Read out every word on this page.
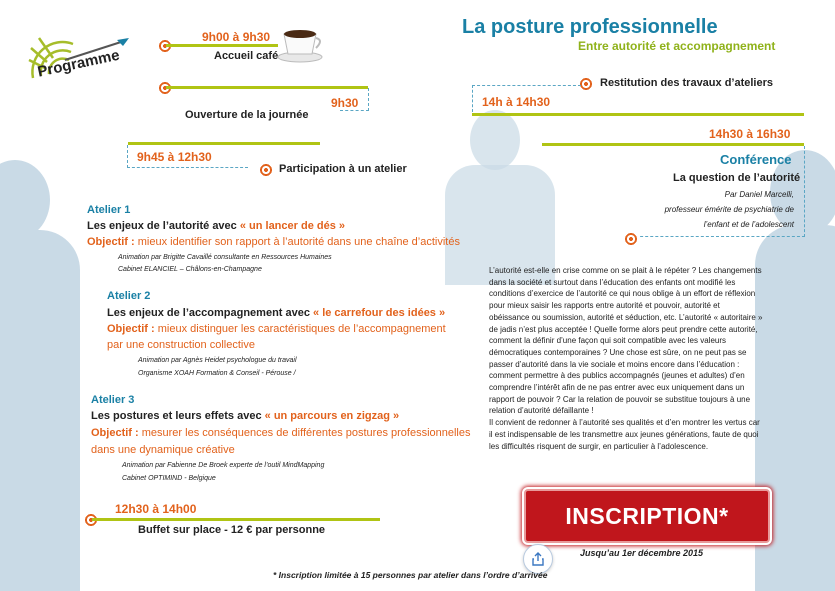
Programme
La posture professionnelle
Entre autorité et accompagnement
9h00 à 9h30
Accueil café
9h30
Ouverture de la journée
9h45 à 12h30
Participation à un atelier
Atelier 1
Les enjeux de l’autorité avec « un lancer de dés »
Objectif : mieux identifier son rapport à l’autorité dans une chaîne d’activités
Animation par Brigitte Cavaillé consultante en Ressources Humaines
Cabinet ELANCIEL – Châlons-en-Champagne
Atelier 2
Les enjeux de l’accompagnement avec « le carrefour des idées »
Objectif : mieux distinguer les caractéristiques de l’accompagnement
par une construction collective
Animation par Agnès Heidet psychologue du travail
Organisme XOAH Formation & Conseil - Pérouse /
Atelier 3
Les postures et leurs effets avec « un parcours en zigzag »
Objectif : mesurer les conséquences de différentes postures professionnelles
dans une dynamique créative
Animation par Fabienne De Broek experte de l’outil MindMapping
Cabinet OPTIMIND - Belgique
12h30 à 14h00
Buffet sur place - 12 € par personne
Restitution des travaux d’ateliers
14h à 14h30
14h30 à 16h30
Conférence
La question de l’autorité
Par Daniel Marcelli,
professeur émérite de psychiatrie de
l’enfant et de l’adolescent
L’autorité est-elle en crise comme on se plait à le répéter ? Les changements
dans la société et surtout dans l’éducation des enfants ont modifié les
conditions d’exercice de l’autorité ce qui nous oblige à un effort de réflexion
pour mieux saisir les rapports entre autorité et pouvoir, autorité et
obéissance ou soumission, autorité et séduction, etc. L’autorité « autoritaire »
de jadis n’est plus acceptée ! Quelle forme alors peut prendre cette autorité,
comment la définir d’une façon qui soit compatible avec les valeurs
démocratiques contemporaines ? Une chose est sûre, on ne peut pas se
passer d’autorité dans la vie sociale et moins encore dans l’éducation :
comment permettre à des publics accompagnés (jeunes et adultes) d’en
comprendre l’intérêt afin de ne pas entrer avec eux uniquement dans un
rapport de pouvoir ? Car la relation de pouvoir se substitue toujours à une
relation d’autorité défaillante !
Il convient de redonner à l’autorité ses qualités et d’en montrer les vertus car
il est indispensable de les transmettre aux jeunes générations, faute de quoi
les difficultés risquent de surgir, en particulier à l’adolescence.
INSCRIPTION*
Jusqu’au 1er décembre 2015
* Inscription limitée à 15 personnes par atelier dans l’ordre d’arrivée
